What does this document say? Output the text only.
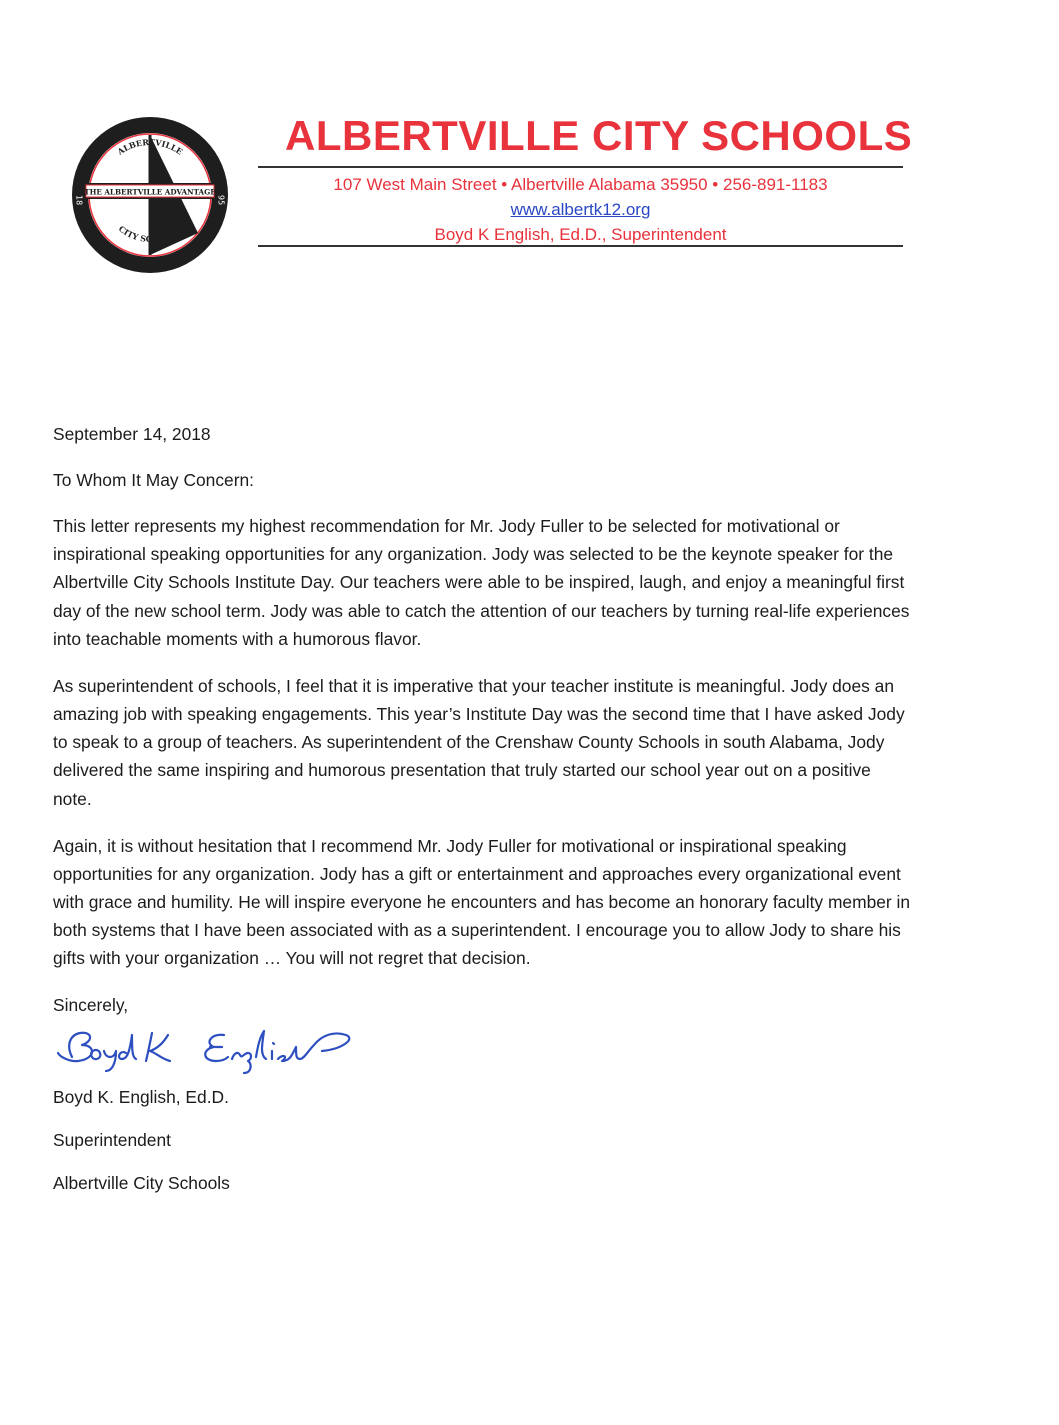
THE ALBERTVILLE ADVANTAGE
ALBERTVILLE
CITY SCHOOLS
18	95
ALBERTVILLE CITY SCHOOLS
107 West Main Street • Albertville Alabama 35950 • 256-891-1183
www.albertk12.org
Boyd K English, Ed.D., Superintendent
September 14, 2018
To Whom It May Concern:

This letter represents my highest recommendation for Mr. Jody Fuller to be selected for motivational or inspirational speaking opportunities for any organization. Jody was selected to be the keynote speaker for the Albertville City Schools Institute Day. Our teachers were able to be inspired, laugh, and enjoy a meaningful first day of the new school term. Jody was able to catch the attention of our teachers by turning real-life experiences into teachable moments with a humorous flavor.

As superintendent of schools, I feel that it is imperative that your teacher institute is meaningful. Jody does an amazing job with speaking engagements. This year’s Institute Day was the second time that I have asked Jody to speak to a group of teachers. As superintendent of the Crenshaw County Schools in south Alabama, Jody delivered the same inspiring and humorous presentation that truly started our school year out on a positive note.

Again, it is without hesitation that I recommend Mr. Jody Fuller for motivational or inspirational speaking opportunities for any organization. Jody has a gift or entertainment and approaches every organizational event with grace and humility. He will inspire everyone he encounters and has become an honorary faculty member in both systems that I have been associated with as a superintendent. I encourage you to allow Jody to share his gifts with your organization … You will not regret that decision.

Sincerely,
Boyd K. English, Ed.D.
Superintendent
Albertville City Schools
